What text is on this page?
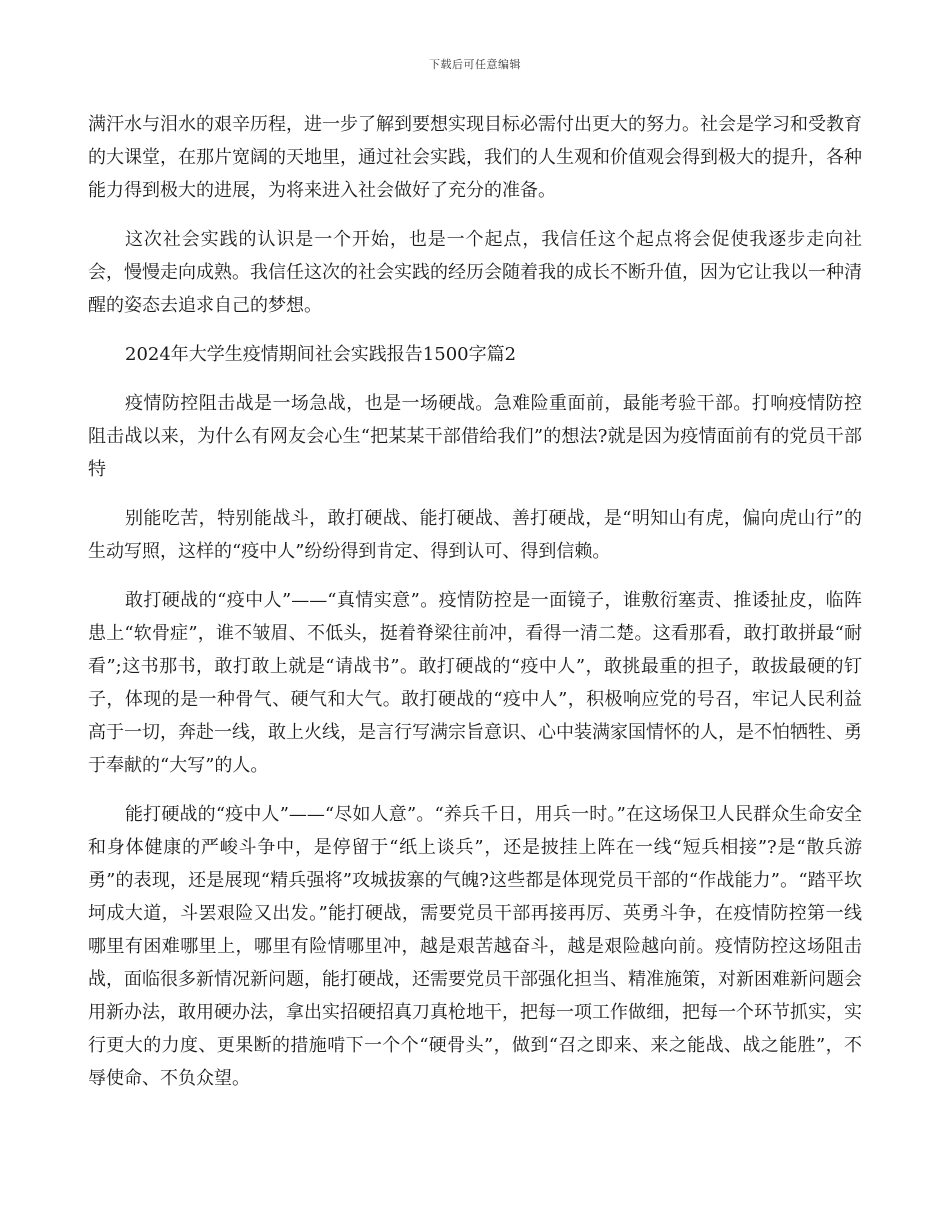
下载后可任意编辑

满汗水与泪水的艰辛历程，进一步了解到要想实现目标必需付出更大的努力。社会是学习和受教育的大课堂，在那片宽阔的天地里，通过社会实践，我们的人生观和价值观会得到极大的提升，各种能力得到极大的进展，为将来进入社会做好了充分的准备。

这次社会实践的认识是一个开始，也是一个起点，我信任这个起点将会促使我逐步走向社会，慢慢走向成熟。我信任这次的社会实践的经历会随着我的成长不断升值，因为它让我以一种清醒的姿态去追求自己的梦想。

2024年大学生疫情期间社会实践报告1500字篇2

疫情防控阻击战是一场急战，也是一场硬战。急难险重面前，最能考验干部。打响疫情防控阻击战以来，为什么有网友会心生“把某某干部借给我们”的想法?就是因为疫情面前有的党员干部特

别能吃苦，特别能战斗，敢打硬战、能打硬战、善打硬战，是“明知山有虎，偏向虎山行”的生动写照，这样的“疫中人”纷纷得到肯定、得到认可、得到信赖。

敢打硬战的“疫中人”——“真情实意”。疫情防控是一面镜子，谁敷衍塞责、推诿扯皮，临阵患上“软骨症”，谁不皱眉、不低头，挺着脊梁往前冲，看得一清二楚。这看那看，敢打敢拼最“耐看”;这书那书，敢打敢上就是“请战书”。敢打硬战的“疫中人”，敢挑最重的担子，敢拔最硬的钉子，体现的是一种骨气、硬气和大气。敢打硬战的“疫中人”，积极响应党的号召，牢记人民利益高于一切，奔赴一线，敢上火线，是言行写满宗旨意识、心中装满家国情怀的人，是不怕牺牲、勇于奉献的“大写”的人。

能打硬战的“疫中人”——“尽如人意”。“养兵千日，用兵一时。”在这场保卫人民群众生命安全和身体健康的严峻斗争中，是停留于“纸上谈兵”，还是披挂上阵在一线“短兵相接”?是“散兵游勇”的表现，还是展现“精兵强将”攻城拔寨的气魄?这些都是体现党员干部的“作战能力”。“踏平坎坷成大道，斗罢艰险又出发。”能打硬战，需要党员干部再接再厉、英勇斗争，在疫情防控第一线哪里有困难哪里上，哪里有险情哪里冲，越是艰苦越奋斗，越是艰险越向前。疫情防控这场阻击战，面临很多新情况新问题，能打硬战，还需要党员干部强化担当、精准施策，对新困难新问题会用新办法，敢用硬办法，拿出实招硬招真刀真枪地干，把每一项工作做细，把每一个环节抓实，实行更大的力度、更果断的措施啃下一个个“硬骨头”，做到“召之即来、来之能战、战之能胜”，不辱使命、不负众望。
